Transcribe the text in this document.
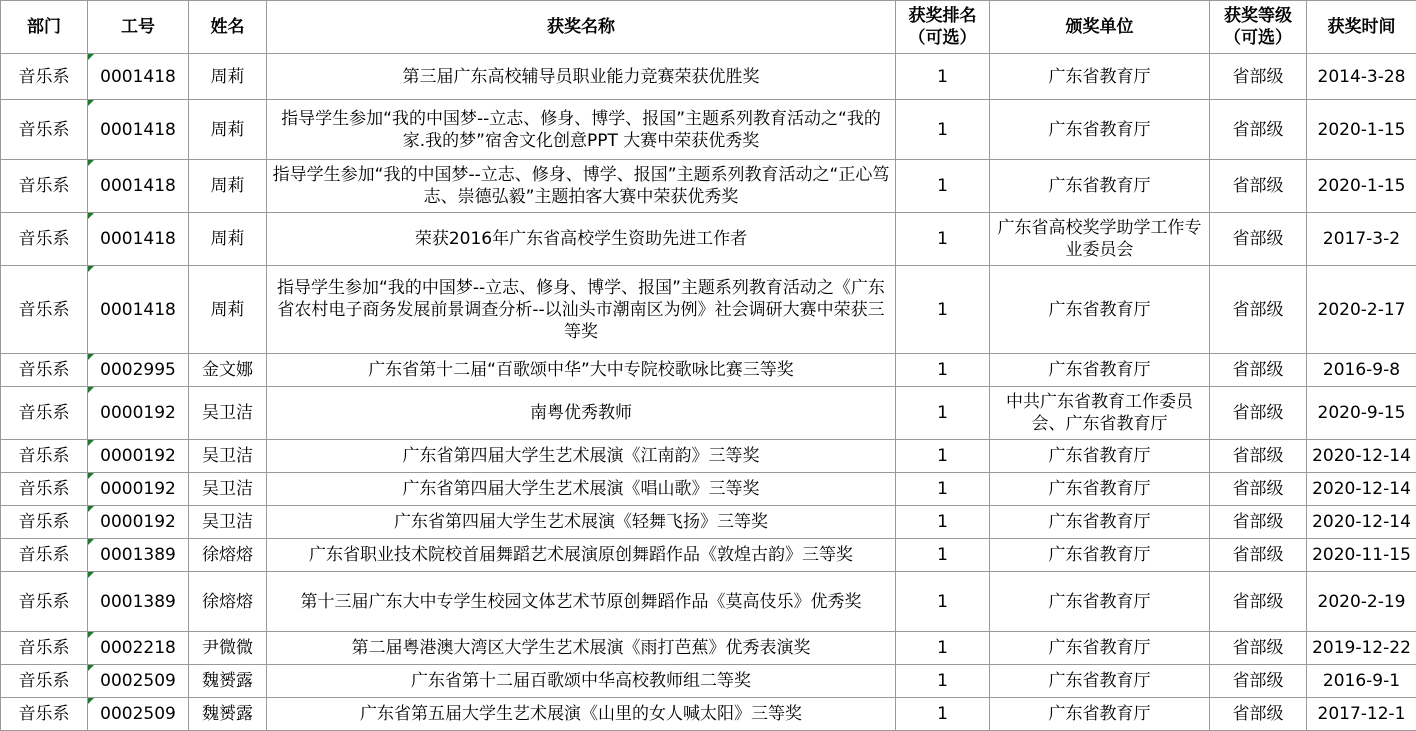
部门	工号	姓名	获奖名称	获奖排名（可选）	颁奖单位	获奖等级（可选）	获奖时间
音乐系	0001418	周莉	第三届广东高校辅导员职业能力竞赛荣获优胜奖	1	广东省教育厅	省部级	2014-3-28
音乐系	0001418	周莉	指导学生参加“我的中国梦--立志、修身、博学、报国”主题系列教育活动之“我的家.我的梦”宿舍文化创意PPT 大赛中荣获优秀奖	1	广东省教育厅	省部级	2020-1-15
音乐系	0001418	周莉	指导学生参加“我的中国梦--立志、修身、博学、报国”主题系列教育活动之“正心笃志、崇德弘毅”主题拍客大赛中荣获优秀奖	1	广东省教育厅	省部级	2020-1-15
音乐系	0001418	周莉	荣获2016年广东省高校学生资助先进工作者	1	广东省高校奖学助学工作专业委员会	省部级	2017-3-2
音乐系	0001418	周莉	指导学生参加“我的中国梦--立志、修身、博学、报国”主题系列教育活动之《广东省农村电子商务发展前景调查分析--以汕头市潮南区为例》社会调研大赛中荣获三等奖	1	广东省教育厅	省部级	2020-2-17
音乐系	0002995	金文娜	广东省第十二届“百歌颂中华”大中专院校歌咏比赛三等奖	1	广东省教育厅	省部级	2016-9-8
音乐系	0000192	吴卫洁	南粤优秀教师	1	中共广东省教育工作委员会、广东省教育厅	省部级	2020-9-15
音乐系	0000192	吴卫洁	广东省第四届大学生艺术展演《江南韵》三等奖	1	广东省教育厅	省部级	2020-12-14
音乐系	0000192	吴卫洁	广东省第四届大学生艺术展演《唱山歌》三等奖	1	广东省教育厅	省部级	2020-12-14
音乐系	0000192	吴卫洁	广东省第四届大学生艺术展演《轻舞飞扬》三等奖	1	广东省教育厅	省部级	2020-12-14
音乐系	0001389	徐熔熔	广东省职业技术院校首届舞蹈艺术展演原创舞蹈作品《敦煌古韵》三等奖	1	广东省教育厅	省部级	2020-11-15
音乐系	0001389	徐熔熔	第十三届广东大中专学生校园文体艺术节原创舞蹈作品《莫高伎乐》优秀奖	1	广东省教育厅	省部级	2020-2-19
音乐系	0002218	尹微微	第二届粤港澳大湾区大学生艺术展演《雨打芭蕉》优秀表演奖	1	广东省教育厅	省部级	2019-12-22
音乐系	0002509	魏赟露	广东省第十二届百歌颂中华高校教师组二等奖	1	广东省教育厅	省部级	2016-9-1
音乐系	0002509	魏赟露	广东省第五届大学生艺术展演《山里的女人喊太阳》三等奖	1	广东省教育厅	省部级	2017-12-1
